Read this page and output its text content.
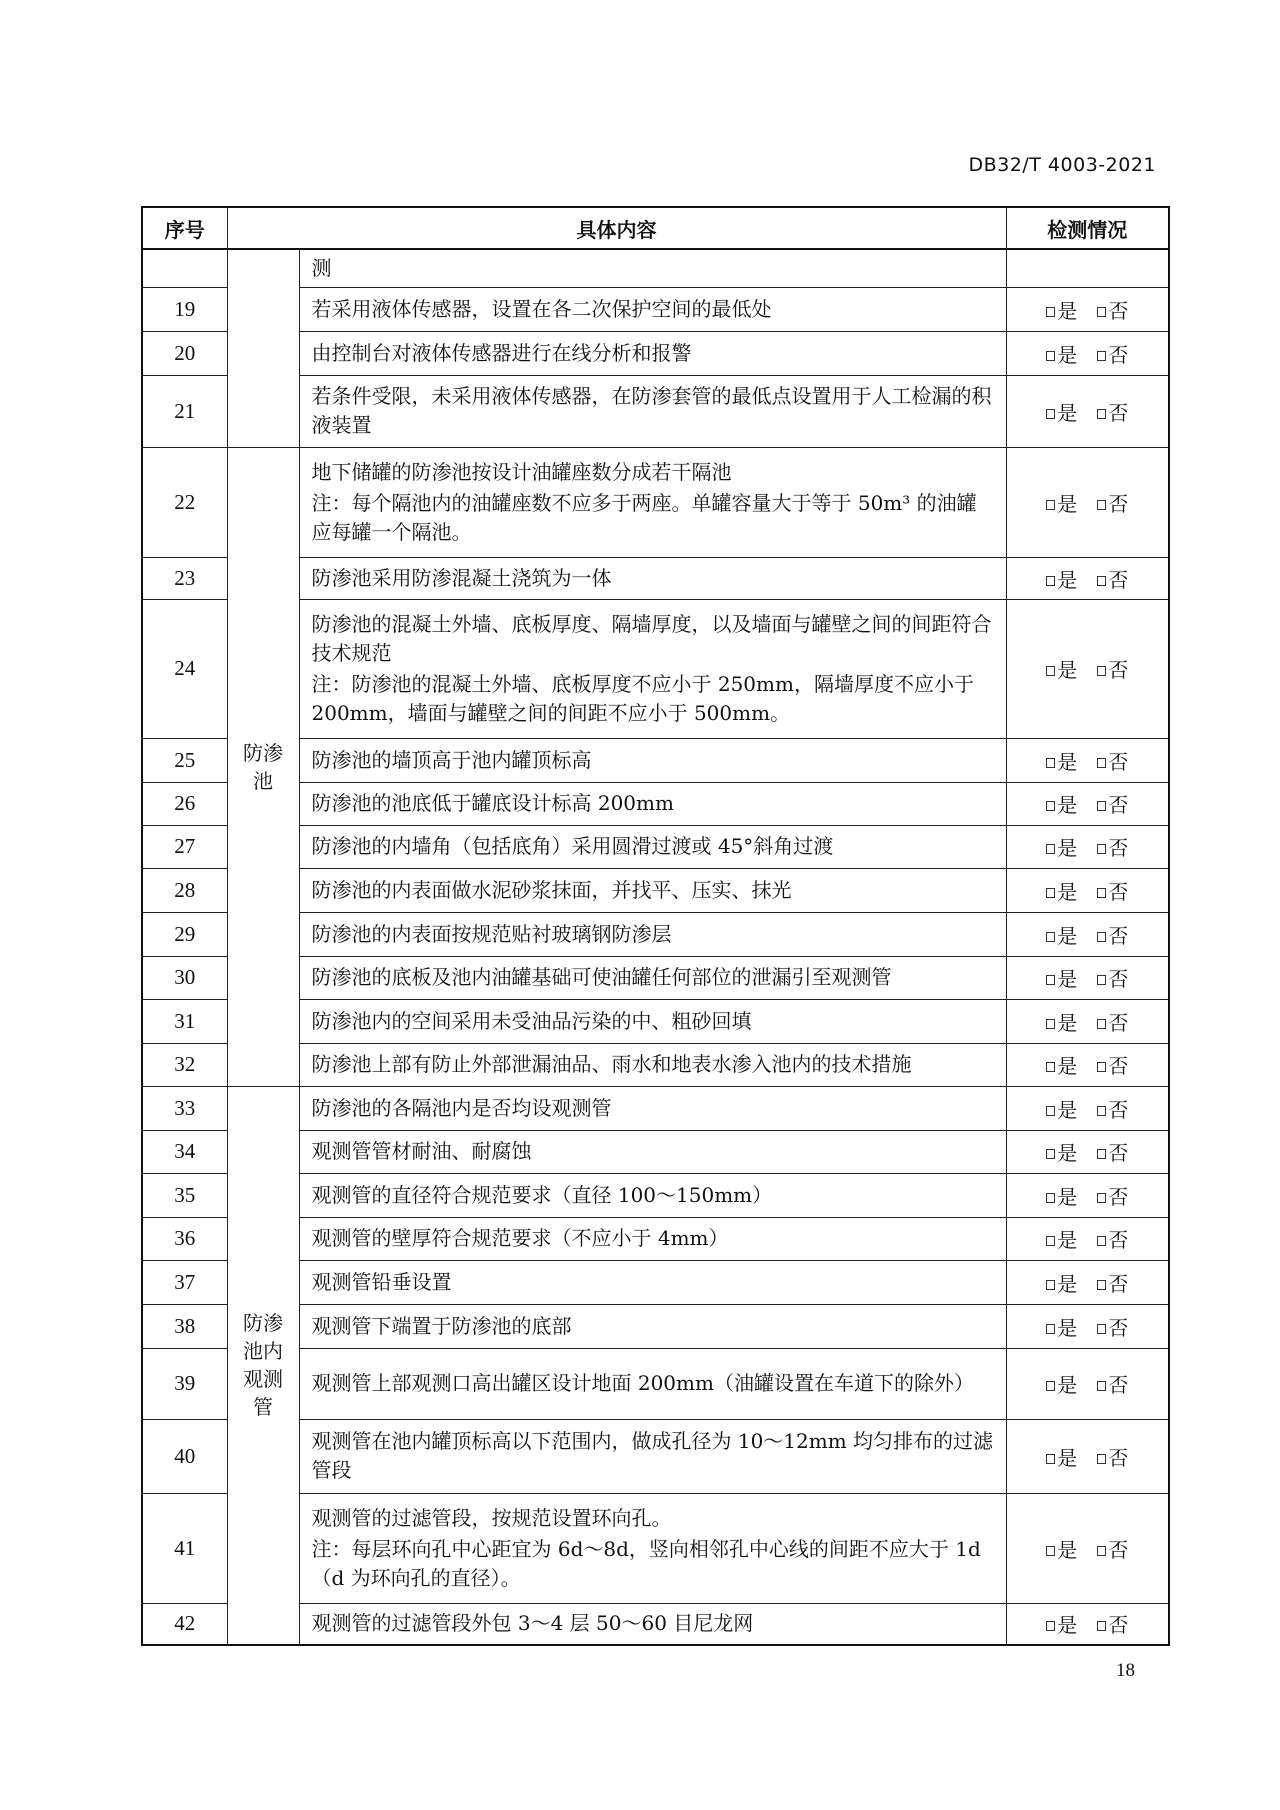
DB32/T 4003-2021
序号	具体内容		检测情况

		测	

19		若采用液体传感器，设置在各二次保护空间的最低处	是 否
20		由控制台对液体传感器进行在线分析和报警	是 否
21		若条件受限，未采用液体传感器，在防渗套管的最低点设置用于人工检漏的积液装置	是 否
22	防渗池	地下储罐的防渗池按设计油罐座数分成若干隔池
注：每个隔池内的油罐座数不应多于两座。单罐容量大于等于 50m³ 的油罐应每罐一个隔池。	是 否
23		防渗池采用防渗混凝土浇筑为一体	是 否
24		防渗池的混凝土外墙、底板厚度、隔墙厚度，以及墙面与罐壁之间的间距符合技术规范
注：防渗池的混凝土外墙、底板厚度不应小于 250mm，隔墙厚度不应小于 200mm，墙面与罐壁之间的间距不应小于 500mm。	是 否
25		防渗池的墙顶高于池内罐顶标高	是 否
26		防渗池的池底低于罐底设计标高 200mm	是 否
27		防渗池的内墙角（包括底角）采用圆滑过渡或 45°斜角过渡	是 否
28		防渗池的内表面做水泥砂浆抹面，并找平、压实、抹光	是 否
29		防渗池的内表面按规范贴衬玻璃钢防渗层	是 否
30		防渗池的底板及池内油罐基础可使油罐任何部位的泄漏引至观测管	是 否
31		防渗池内的空间采用未受油品污染的中、粗砂回填	是 否
32		防渗池上部有防止外部泄漏油品、雨水和地表水渗入池内的技术措施	是 否
33	防渗池内观测管	防渗池的各隔池内是否均设观测管	是 否
34		观测管管材耐油、耐腐蚀	是 否
35		观测管的直径符合规范要求（直径 100～150mm）	是 否
36		观测管的壁厚符合规范要求（不应小于 4mm）	是 否
37		观测管铅垂设置	是 否
38		观测管下端置于防渗池的底部	是 否
39		观测管上部观测口高出罐区设计地面 200mm（油罐设置在车道下的除外）	是 否
40		观测管在池内罐顶标高以下范围内，做成孔径为 10～12mm 均匀排布的过滤管段	是 否
41		观测管的过滤管段，按规范设置环向孔。
注：每层环向孔中心距宜为 6d～8d，竖向相邻孔中心线的间距不应大于 1d（d 为环向孔的直径）。	是 否
42		观测管的过滤管段外包 3～4 层 50～60 目尼龙网	是 否
18
